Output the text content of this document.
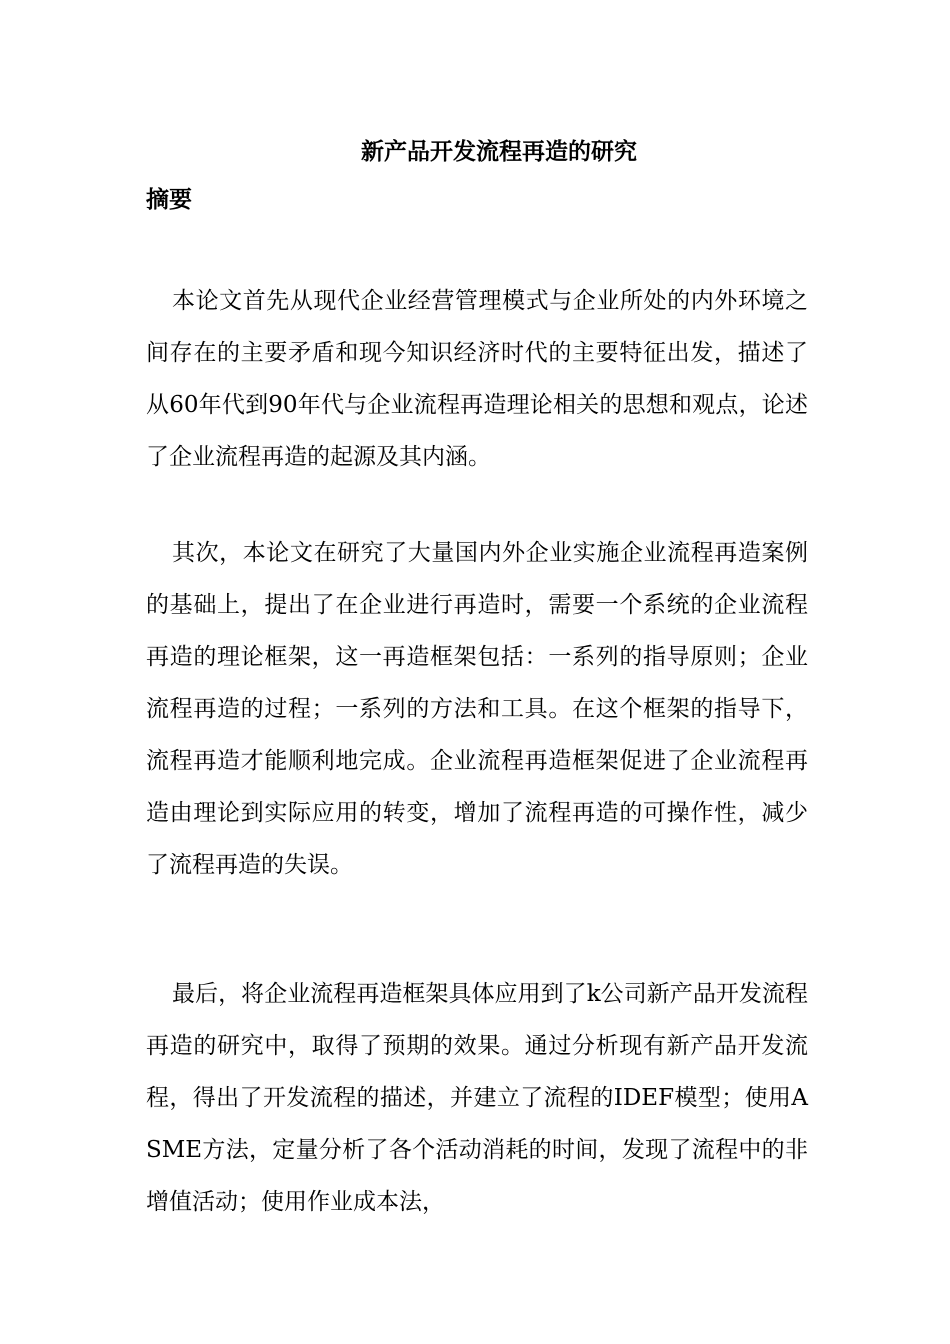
新产品开发流程再造的研究
摘要

本论文首先从现代企业经营管理模式与企业所处的内外环境之间存在的主要矛盾和现今知识经济时代的主要特征出发，描述了从60年代到90年代与企业流程再造理论相关的思想和观点，论述了企业流程再造的起源及其内涵。

其次，本论文在研究了大量国内外企业实施企业流程再造案例的基础上，提出了在企业进行再造时，需要一个系统的企业流程再造的理论框架，这一再造框架包括：一系列的指导原则；企业流程再造的过程；一系列的方法和工具。在这个框架的指导下，流程再造才能顺利地完成。企业流程再造框架促进了企业流程再造由理论到实际应用的转变，增加了流程再造的可操作性，减少了流程再造的失误。

最后，将企业流程再造框架具体应用到了k公司新产品开发流程再造的研究中，取得了预期的效果。通过分析现有新产品开发流程，得出了开发流程的描述，并建立了流程的IDEF模型；使用ASME方法，定量分析了各个活动消耗的时间，发现了流程中的非增值活动；使用作业成本法，
